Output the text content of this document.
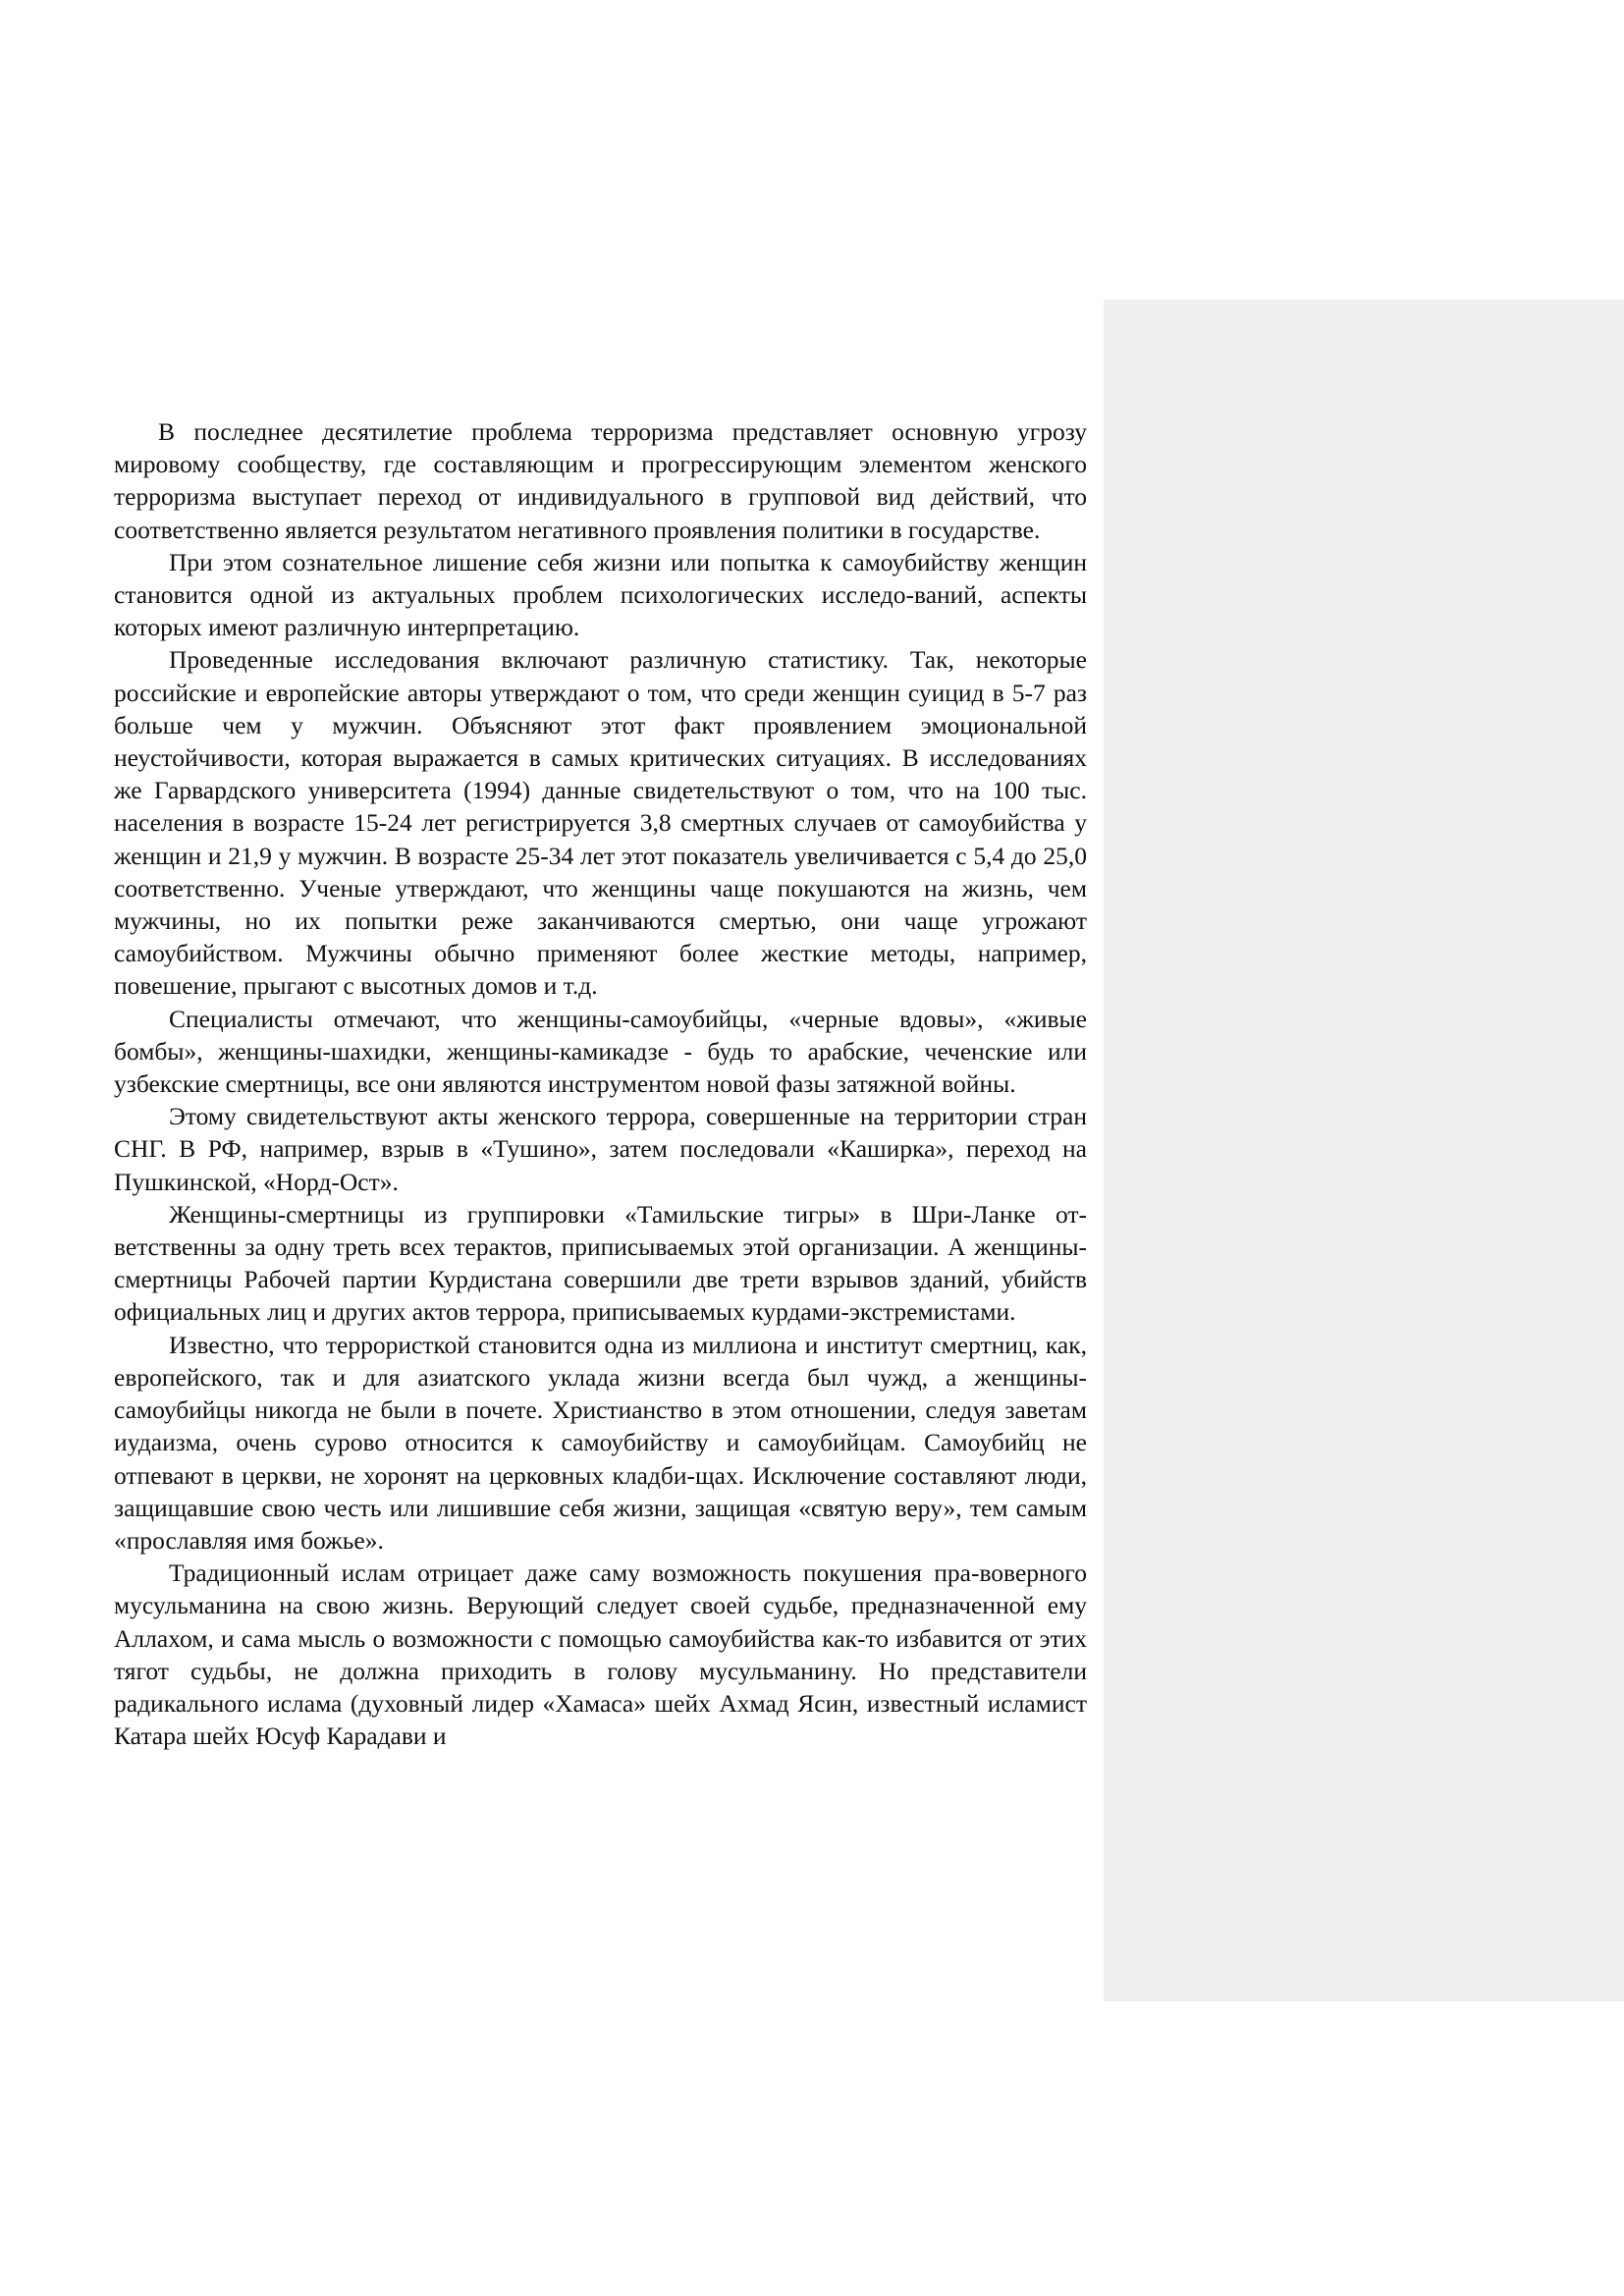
В последнее десятилетие проблема терроризма представляет основную угрозу мировому сообществу, где составляющим и прогрессирующим элементом женского терроризма выступает переход от индивидуального в групповой вид действий, что соответственно является результатом негативного проявления политики в государстве.

При этом сознательное лишение себя жизни или попытка к самоубийству женщин становится одной из актуальных проблем психологических исследо-ваний, аспекты которых имеют различную интерпретацию.

Проведенные исследования включают различную статистику. Так, некоторые российские и европейские авторы утверждают о том, что среди женщин суицид в 5-7 раз больше чем у мужчин. Объясняют этот факт проявлением эмоциональной неустойчивости, которая выражается в самых критических ситуациях. В исследованиях же Гарвардского университета (1994) данные свидетельствуют о том, что на 100 тыс. населения в возрасте 15-24 лет регистрируется 3,8 смертных случаев от самоубийства у женщин и 21,9 у мужчин. В возрасте 25-34 лет этот показатель увеличивается с 5,4 до 25,0 соответственно. Ученые утверждают, что женщины чаще покушаются на жизнь, чем мужчины, но их попытки реже заканчиваются смертью, они чаще угрожают самоубийством. Мужчины обычно применяют более жесткие методы, например, повешение, прыгают с высотных домов и т.д.

Специалисты отмечают, что женщины-самоубийцы, «черные вдовы», «живые бомбы», женщины-шахидки, женщины-камикадзе - будь то арабские, чеченские или узбекские смертницы, все они являются инструментом новой фазы затяжной войны.

Этому свидетельствуют акты женского террора, совершенные на территории стран СНГ. В РФ, например, взрыв в «Тушино», затем последовали «Каширка», переход на Пушкинской, «Норд-Ост».

Женщины-смертницы из группировки «Тамильские тигры» в Шри-Ланке от-ветственны за одну треть всех терактов, приписываемых этой организации. А женщины-смертницы Рабочей партии Курдистана совершили две трети взрывов зданий, убийств официальных лиц и других актов террора, приписываемых курдами-экстремистами.

Известно, что террористкой становится одна из миллиона и институт смертниц, как, европейского, так и для азиатского уклада жизни всегда был чужд, а женщины-самоубийцы никогда не были в почете. Христианство в этом отношении, следуя заветам иудаизма, очень сурово относится к самоубийству и самоубийцам. Самоубийц не отпевают в церкви, не хоронят на церковных кладби-щах. Исключение составляют люди, защищавшие свою честь или лишившие себя жизни, защищая «святую веру», тем самым «прославляя имя божье».

Традиционный ислам отрицает даже саму возможность покушения пра-воверного мусульманина на свою жизнь. Верующий следует своей судьбе, предназначенной ему Аллахом, и сама мысль о возможности с помощью самоубийства как-то избавится от этих тягот судьбы, не должна приходить в голову мусульманину. Но представители радикального ислама (духовный лидер «Хамаса» шейх Ахмад Ясин, известный исламист Катара шейх Юсуф Карадави и
